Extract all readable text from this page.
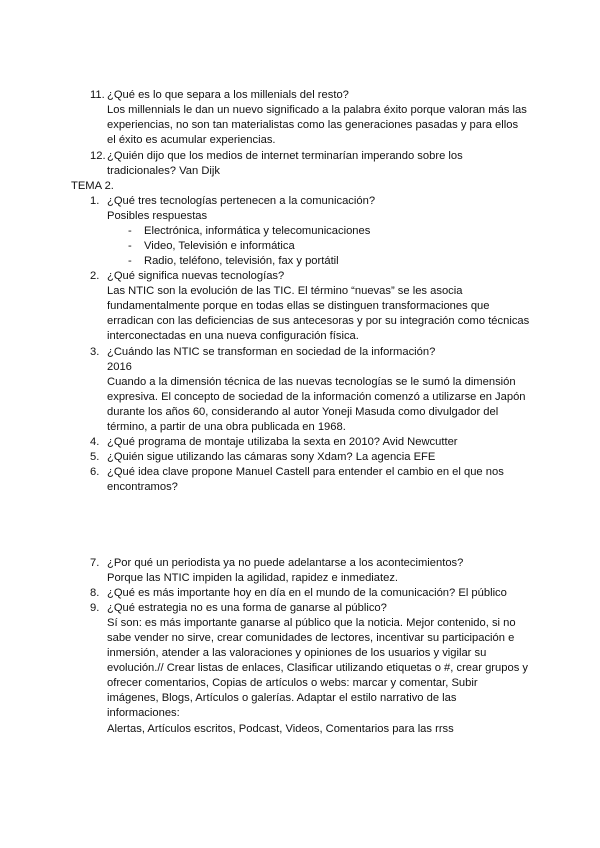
11. ¿Qué es lo que separa a los millenials del resto?
Los millennials le dan un nuevo significado a la palabra éxito porque valoran más las
experiencias, no son tan materialistas como las generaciones pasadas y para ellos
el éxito es acumular experiencias.
12. ¿Quién dijo que los medios de internet terminarían imperando sobre los
tradicionales? Van Dijk
TEMA 2.
1. ¿Qué tres tecnologías pertenecen a la comunicación?
Posibles respuestas
- Electrónica, informática y telecomunicaciones
- Video, Televisión e informática
- Radio, teléfono, televisión, fax y portátil
2. ¿Qué significa nuevas tecnologías?
Las NTIC son la evolución de las TIC. El término “nuevas” se les asocia
fundamentalmente porque en todas ellas se distinguen transformaciones que
erradican con las deficiencias de sus antecesoras y por su integración como técnicas
interconectadas en una nueva configuración física.
3. ¿Cuándo las NTIC se transforman en sociedad de la información?
2016
Cuando a la dimensión técnica de las nuevas tecnologías se le sumó la dimensión
expresiva. El concepto de sociedad de la información comenzó a utilizarse en Japón
durante los años 60, considerando al autor Yoneji Masuda como divulgador del
término, a partir de una obra publicada en 1968.
4. ¿Qué programa de montaje utilizaba la sexta en 2010? Avid Newcutter
5. ¿Quién sigue utilizando las cámaras sony Xdam? La agencia EFE
6. ¿Qué idea clave propone Manuel Castell para entender el cambio en el que nos
encontramos?
7. ¿Por qué un periodista ya no puede adelantarse a los acontecimientos?
Porque las NTIC impiden la agilidad, rapidez e inmediatez.
8. ¿Qué es más importante hoy en día en el mundo de la comunicación? El público
9. ¿Qué estrategia no es una forma de ganarse al público?
Sí son: es más importante ganarse al público que la noticia. Mejor contenido, si no
sabe vender no sirve, crear comunidades de lectores, incentivar su participación e
inmersión, atender a las valoraciones y opiniones de los usuarios y vigilar su
evolución.// Crear listas de enlaces, Clasificar utilizando etiquetas o #, crear grupos y
ofrecer comentarios, Copias de artículos o webs: marcar y comentar, Subir
imágenes, Blogs, Artículos o galerías. Adaptar el estilo narrativo de las
informaciones:
Alertas, Artículos escritos, Podcast, Videos, Comentarios para las rrss
